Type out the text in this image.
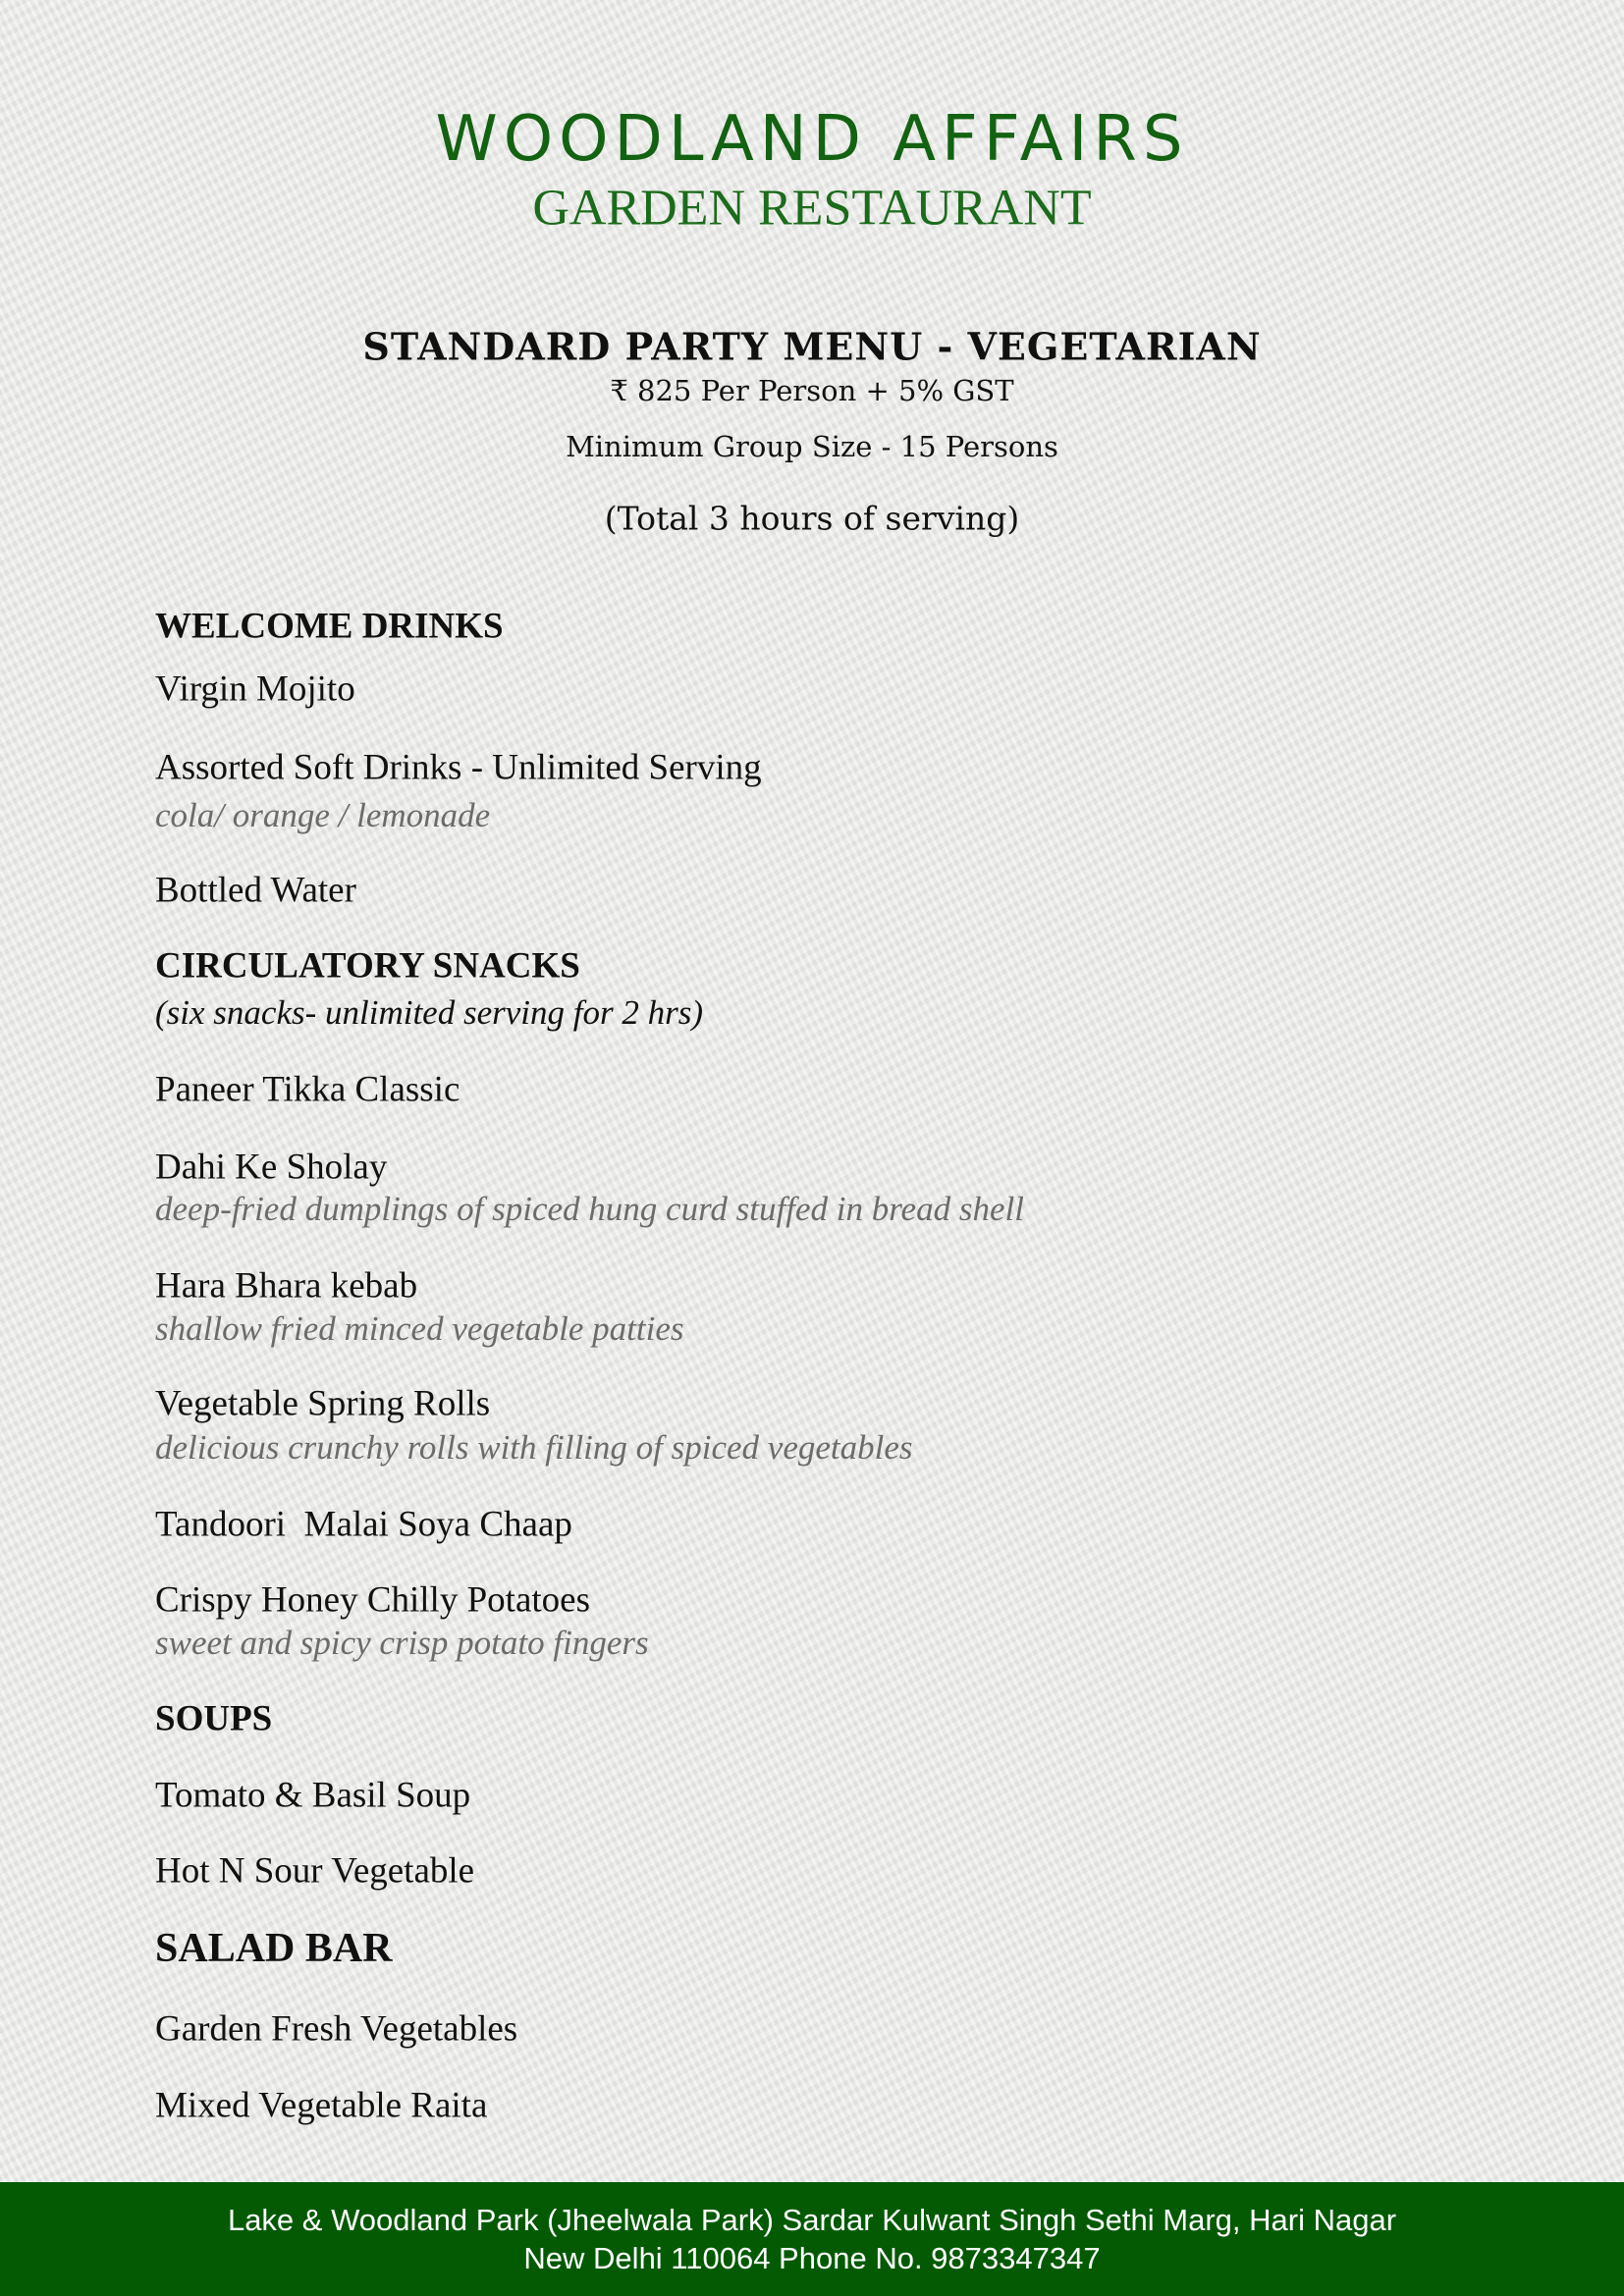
WOODLAND AFFAIRS
GARDEN RESTAURANT
STANDARD PARTY MENU - VEGETARIAN
₹ 825 Per Person + 5% GST
Minimum Group Size - 15 Persons
(Total 3 hours of serving)
WELCOME DRINKS
Virgin Mojito
Assorted Soft Drinks - Unlimited Serving
cola/ orange / lemonade
Bottled Water
CIRCULATORY SNACKS
(six snacks- unlimited serving for 2 hrs)
Paneer Tikka Classic
Dahi Ke Sholay
deep-fried dumplings of spiced hung curd stuffed in bread shell
Hara Bhara kebab
shallow fried minced vegetable patties
Vegetable Spring Rolls
delicious crunchy rolls with filling of spiced vegetables
Tandoori  Malai Soya Chaap
Crispy Honey Chilly Potatoes
sweet and spicy crisp potato fingers
SOUPS
Tomato & Basil Soup
Hot N Sour Vegetable
SALAD BAR
Garden Fresh Vegetables
Mixed Vegetable Raita
Lake & Woodland Park (Jheelwala Park) Sardar Kulwant Singh Sethi Marg, Hari Nagar
New Delhi 110064 Phone No. 9873347347
